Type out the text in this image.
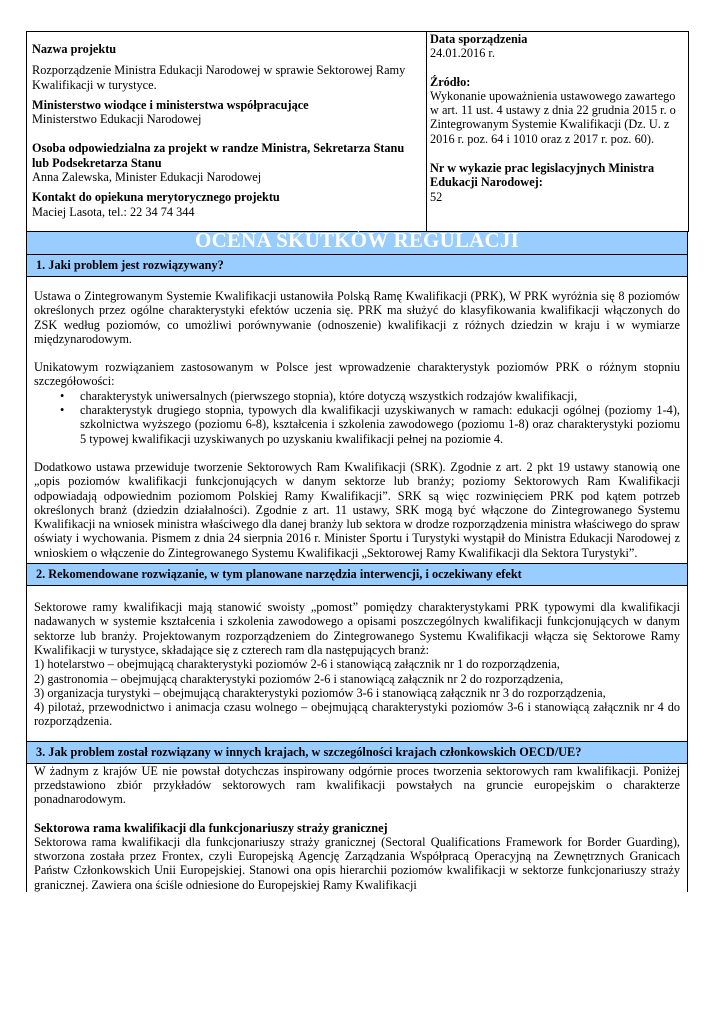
Nazwa projektu

Rozporządzenie Ministra Edukacji Narodowej w sprawie Sektorowej Ramy Kwalifikacji w turystyce.

Ministerstwo wiodące i ministerstwa współpracujące

Ministerstwo Edukacji Narodowej

Osoba odpowiedzialna za projekt w randze Ministra, Sekretarza Stanu lub Podsekretarza Stanu

Anna Zalewska, Minister Edukacji Narodowej

Kontakt do opiekuna merytorycznego projektu

Maciej Lasota, tel.: 22 34 74 344

Data sporządzenia

24.01.2016 r.

Źródło:

Wykonanie upoważnienia ustawowego zawartego w art. 11 ust. 4 ustawy z dnia 22 grudnia 2015 r. o Zintegrowanym Systemie Kwalifikacji (Dz. U. z 2016 r. poz. 64 i 1010 oraz z 2017 r. poz. 60).

Nr w wykazie prac legislacyjnych Ministra Edukacji Narodowej:

52

OCENA SKUTKÓW REGULACJI
1. Jaki problem jest rozwiązywany?

Ustawa o Zintegrowanym Systemie Kwalifikacji ustanowiła Polską Ramę Kwalifikacji (PRK), W PRK wyróżnia się 8 poziomów określonych przez ogólne charakterystyki efektów uczenia się. PRK ma służyć do klasyfikowania kwalifikacji włączonych do ZSK według poziomów, co umożliwi porównywanie (odnoszenie) kwalifikacji z różnych dziedzin w kraju i w wymiarze międzynarodowym.

Unikatowym rozwiązaniem zastosowanym w Polsce jest wprowadzenie charakterystyk poziomów PRK o różnym stopniu szczegółowości:

• charakterystyk uniwersalnych (pierwszego stopnia), które dotyczą wszystkich rodzajów kwalifikacji,
• charakterystyk drugiego stopnia, typowych dla kwalifikacji uzyskiwanych w ramach: edukacji ogólnej (poziomy 1-4), szkolnictwa wyższego (poziomu 6-8), kształcenia i szkolenia zawodowego (poziomu 1-8) oraz charakterystyki poziomu 5 typowej kwalifikacji uzyskiwanych po uzyskaniu kwalifikacji pełnej na poziomie 4.

Dodatkowo ustawa przewiduje tworzenie Sektorowych Ram Kwalifikacji (SRK). Zgodnie z art. 2 pkt 19 ustawy stanowią one „opis poziomów kwalifikacji funkcjonujących w danym sektorze lub branży; poziomy Sektorowych Ram Kwalifikacji odpowiadają odpowiednim poziomom Polskiej Ramy Kwalifikacji”. SRK są więc rozwinięciem PRK pod kątem potrzeb określonych branż (dziedzin działalności). Zgodnie z art. 11 ustawy, SRK mogą być włączone do Zintegrowanego Systemu Kwalifikacji na wniosek ministra właściwego dla danej branży lub sektora w drodze rozporządzenia ministra właściwego do spraw oświaty i wychowania. Pismem z dnia 24 sierpnia 2016 r. Minister Sportu i Turystyki wystąpił do Ministra Edukacji Narodowej z wnioskiem o włączenie do Zintegrowanego Systemu Kwalifikacji „Sektorowej Ramy Kwalifikacji dla Sektora Turystyki”.

2. Rekomendowane rozwiązanie, w tym planowane narzędzia interwencji, i oczekiwany efekt

Sektorowe ramy kwalifikacji mają stanowić swoisty „pomost” pomiędzy charakterystykami PRK typowymi dla kwalifikacji nadawanych w systemie kształcenia i szkolenia zawodowego a opisami poszczególnych kwalifikacji funkcjonujących w danym sektorze lub branży. Projektowanym rozporządzeniem do Zintegrowanego Systemu Kwalifikacji włącza się Sektorowe Ramy Kwalifikacji w turystyce, składające się z czterech ram dla następujących branż:

1) hotelarstwo – obejmującą charakterystyki poziomów 2-6 i stanowiącą załącznik nr 1 do rozporządzenia,

2) gastronomia – obejmującą charakterystyki poziomów 2-6 i stanowiącą załącznik nr 2 do rozporządzenia,

3) organizacja turystyki – obejmującą charakterystyki poziomów 3-6 i stanowiącą załącznik nr 3 do rozporządzenia,

4) pilotaż, przewodnictwo i animacja czasu wolnego – obejmującą charakterystyki poziomów 3-6 i stanowiącą załącznik nr 4 do rozporządzenia.

3. Jak problem został rozwiązany w innych krajach, w szczególności krajach członkowskich OECD/UE?

W żadnym z krajów UE nie powstał dotychczas inspirowany odgórnie proces tworzenia sektorowych ram kwalifikacji. Poniżej przedstawiono zbiór przykładów sektorowych ram kwalifikacji powstałych na gruncie europejskim o charakterze ponadnarodowym.

Sektorowa rama kwalifikacji dla funkcjonariuszy straży granicznej

Sektorowa rama kwalifikacji dla funkcjonariuszy straży granicznej (Sectoral Qualifications Framework for Border Guarding), stworzona została przez Frontex, czyli Europejską Agencję Zarządzania Współpracą Operacyjną na Zewnętrznych Granicach Państw Członkowskich Unii Europejskiej. Stanowi ona opis hierarchii poziomów kwalifikacji w sektorze funkcjonariuszy straży granicznej. Zawiera ona ściśle odniesione do Europejskiej Ramy Kwalifikacji
